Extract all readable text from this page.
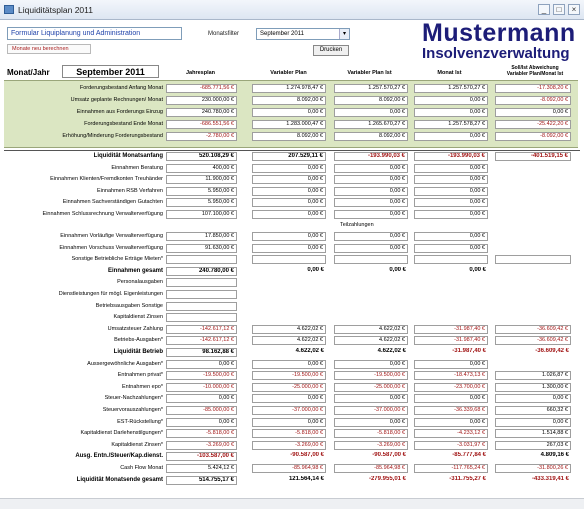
Liquiditätsplan 2011	_	□	×
Formular Liquiplanung und Administration
Monate neu berechnen
Monatsfilter	September 2011	▾
Drucken
Mustermann
Insolvenzverwaltung
Monat/Jahr	September 2011	Jahresplan	Variabler Plan	Variabler Plan Ist	Monat Ist
Soll/Ist Abweichung
Variabler Plan/Monat Ist
Forderungsbestand Anfang Monat	-685.771,56 €	1.274.978,47 €	1.257.570,27 €	1.257.570,27 €	-17.308,20 €
Umsatz geplante Rechnungen/ Monat	230.000,00 €	8.092,00 €	8.092,00 €	0,00 €	-8.092,00 €
Einnahmen aus Forderungs Einzug	240.780,00 €	0,00 €	0,00 €	0,00 €	0,00 €
Forderungsbestand Ende Monat	-686.551,56 €	1.283.000,47 €	1.265.670,27 €	1.257.578,27 €	-25.422,20 €
Erhöhung/Minderung Forderungsbestand	-2.780,00 €	8.092,00 €	8.092,00 €	0,00 €	-8.092,00 €
Liquidität Monatsanfang	520.108,29 €	207.529,11 €	-193.990,03 €	-193.990,03 €	-401.519,15 €
Einnahmen Beratung	400,00 €	0,00 €	0,00 €	0,00 €
Einnahmen Klienten/Fremdkonten Treuhänder	11.900,00 €	0,00 €	0,00 €	0,00 €
Einnahmen RSB Verfahren	5.950,00 €	0,00 €	0,00 €	0,00 €
Einnahmen Sachverständigen Gutachten	5.950,00 €	0,00 €	0,00 €	0,00 €
Einnahmen Schlussrechnung Verwalterverfügung	107.100,00 €	0,00 €	0,00 €	0,00 €
Einnahmen Vorläufige Verwalterverfügung	17.850,00 €	0,00 €	0,00 €	0,00 €
Einnahmen Vorschuss Verwalterverfügung	91.630,00 €	0,00 €	0,00 €	0,00 €
Sonstige Betriebliche Erträge Mieten*
Einnahmen gesamt	240.780,00 €	0,00 €	0,00 €	0,00 €
Personalausgaben
Dienstleistungen für mögl. Eigenleistungen
Betriebsausgaben Sonstige
Kapitaldienst Zinsen
Umsatzsteuer Zahlung	-142.617,12 €	4.622,02 €	4.622,02 €	-31.987,40 €	-36.609,42 €
Betriebs-Ausgaben*	-142.617,12 €	4.622,02 €	4.622,02 €	-31.987,40 €	-36.609,42 €
Liquidität Betrieb	98.162,88 €	4.622,02 €	4.622,02 €	-31.987,40 €	-36.609,42 €
Aussergewöhnliche Ausgaben*	0,00 €	0,00 €	0,00 €	0,00 €
Entnahmen privat*	-19.500,00 €	-19.500,00 €	-19.500,00 €	-18.473,13 €	1.026,87 €
Entnahmen epo*	-10.000,00 €	-25.000,00 €	-25.000,00 €	-23.700,00 €	1.300,00 €
Steuer-Nachzahlungen*	0,00 €	0,00 €	0,00 €	0,00 €	0,00 €
Steuervorauszahlungen*	-85.000,00 €	-37.000,00 €	-37.000,00 €	-36.339,68 €	660,32 €
EST-Rückstellung*	0,00 €	0,00 €	0,00 €	0,00 €	0,00 €
Kapitaldienst Darlehenstilgungen*	-5.818,00 €	-5.818,00 €	-5.818,00 €	-4.233,12 €	1.514,88 €
Kapitaldienst Zinsen*	-3.269,00 €	-3.269,00 €	-3.269,00 €	-3.031,97 €	267,03 €
Ausg. Entn./Steuer/Kap.dienst.	-103.587,00 €	-90.587,00 €	-90.587,00 €	-85.777,84 €	4.809,16 €
Cash Flow Monat	5.424,12 €	-85.964,98 €	-85.964,98 €	-117.765,24 €	-31.800,26 €
Liquidität Monatsende gesamt	514.755,17 €	121.564,14 €	-279.955,01 €	-311.755,27 €	-433.319,41 €
Teilzahlungen
